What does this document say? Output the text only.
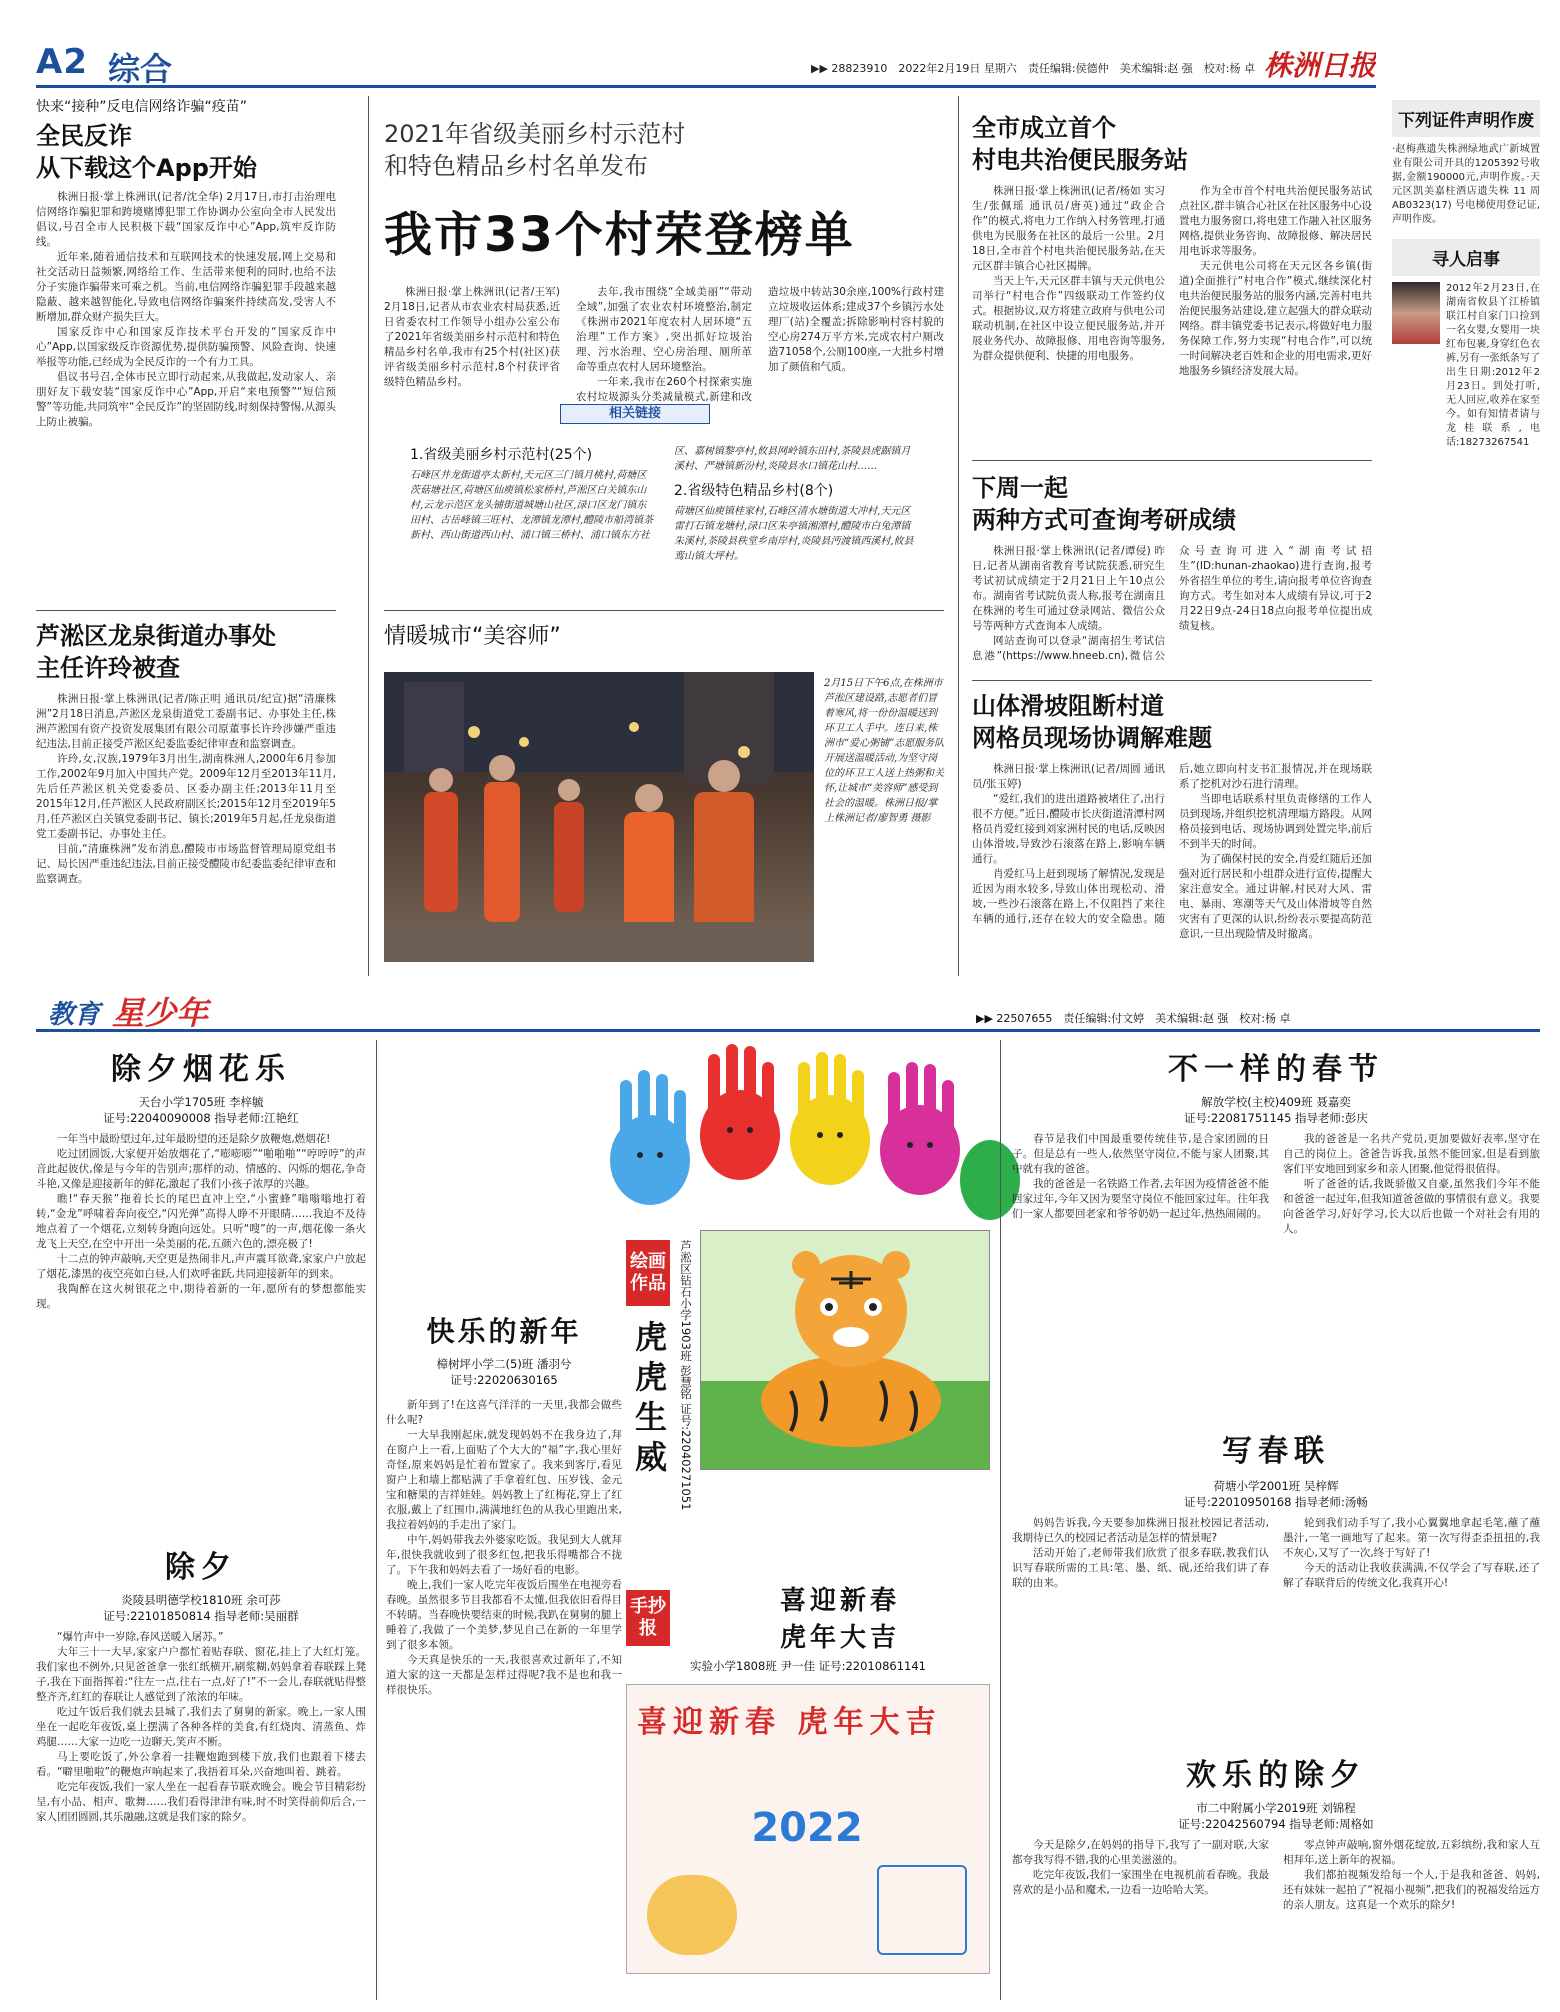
A2 综合	▶▶ 28823910　2022年2月19日 星期六　责任编辑:侯德仲　美术编辑:赵 强　校对:杨 卓 株洲日报
快来“接种”反电信网络诈骗“疫苗”
全民反诈
从下载这个App开始

株洲日报·掌上株洲讯(记者/沈全华) 2月17日,市打击治理电信网络诈骗犯罪和跨境赌博犯罪工作协调办公室向全市人民发出倡议,号召全市人民积极下载“国家反诈中心”App,筑牢反诈防线。

近年来,随着通信技术和互联网技术的快速发展,网上交易和社交活动日益频繁,网络给工作、生活带来便利的同时,也给不法分子实施诈骗带来可乘之机。当前,电信网络诈骗犯罪手段越来越隐蔽、越来越智能化,导致电信网络诈骗案件持续高发,受害人不断增加,群众财产损失巨大。

国家反诈中心和国家反诈技术平台开发的“国家反诈中心”App,以国家级反诈资源优势,提供防骗预警、风险查询、快速举报等功能,已经成为全民反诈的一个有力工具。

倡议书号召,全体市民立即行动起来,从我做起,发动家人、亲朋好友下载安装“国家反诈中心”App,开启“来电预警”“短信预警”等功能,共同筑牢“全民反诈”的坚固防线,时刻保持警惕,从源头上防止被骗。

芦淞区龙泉街道办事处
主任许玲被查

株洲日报·掌上株洲讯(记者/陈正明 通讯员/纪宣)据“清廉株洲”2月18日消息,芦淞区龙泉街道党工委副书记、办事处主任,株洲芦淞国有资产投资发展集团有限公司原董事长许玲涉嫌严重违纪违法,目前正接受芦淞区纪委监委纪律审查和监察调查。

许玲,女,汉族,1979年3月出生,湖南株洲人,2000年6月参加工作,2002年9月加入中国共产党。2009年12月至2013年11月,先后任芦淞区机关党委委员、区委办副主任;2013年11月至2015年12月,任芦淞区人民政府副区长;2015年12月至2019年5月,任芦淞区白关镇党委副书记、镇长;2019年5月起,任龙泉街道党工委副书记、办事处主任。

目前,“清廉株洲”发布消息,醴陵市市场监督管理局原党组书记、局长因严重违纪违法,目前正接受醴陵市纪委监委纪律审查和监察调查。

2021年省级美丽乡村示范村
和特色精品乡村名单发布
我市33个村荣登榜单

株洲日报·掌上株洲讯(记者/王军) 2月18日,记者从市农业农村局获悉,近日省委农村工作领导小组办公室公布了2021年省级美丽乡村示范村和特色精品乡村名单,我市有25个村(社区)获评省级美丽乡村示范村,8个村获评省级特色精品乡村。

去年,我市围绕“全域美丽”“带动全域”,加强了农业农村环境整治,制定《株洲市2021年度农村人居环境“五治理”工作方案》,突出抓好垃圾治理、污水治理、空心房治理、厕所革命等重点农村人居环境整治。

一年来,我市在260个村探索实施农村垃圾源头分类减量模式,新建和改造垃圾中转站30余座,100%行政村建立垃圾收运体系;建成37个乡镇污水处理厂(站)全覆盖;拆除影响村容村貌的空心房274万平方米,完成农村户厕改造71058个,公厕100座,一大批乡村增加了颜值和气质。

相关链接
1.省级美丽乡村示范村(25个)
石峰区井龙街道亭太新村,天元区三门镇月桃村,荷塘区茨菇塘社区,荷塘区仙庾镇松家桥村,芦淞区白关镇东山村,云龙示范区龙头铺街道城塘山社区,渌口区龙门镇东田村、古岳峰镇三旺村、龙潭镇龙潭村,醴陵市船湾镇茶新村、西山街道西山村、浦口镇三桥村、浦口镇东方社区、嘉树镇黎亭村,攸县网岭镇东田村,茶陵县虎踞镇月溪村、严塘镇新汾村,炎陵县水口镇花山村……
2.省级特色精品乡村(8个)
荷塘区仙庾镇桂家村,石峰区清水塘街道大冲村,天元区雷打石镇龙塘村,渌口区朱亭镇湘潭村,醴陵市白兔潭镇朱溪村,茶陵县秩堂乡南岸村,炎陵县沔渡镇西溪村,攸县鸾山镇大坪村。
情暖城市“美容师”
2月15日下午6点,在株洲市芦淞区建设路,志愿者们冒着寒风,将一份份温暖送到环卫工人手中。连日来,株洲市“爱心粥铺”志愿服务队开展送温暖活动,为坚守岗位的环卫工人送上热粥和关怀,让城市“美容师”感受到社会的温暖。株洲日报/掌上株洲记者/廖智勇 摄影
全市成立首个
村电共治便民服务站

株洲日报·掌上株洲讯(记者/杨如 实习生/张佩瑶 通讯员/唐英)通过“政企合作”的模式,将电力工作纳入村务管理,打通供电为民服务在社区的最后一公里。2月18日,全市首个村电共治便民服务站,在天元区群丰镇合心社区揭牌。

当天上午,天元区群丰镇与天元供电公司举行“村电合作”四级联动工作签约仪式。根据协议,双方将建立政府与供电公司联动机制,在社区中设立便民服务站,并开展业务代办、故障报修、用电咨询等服务,为群众提供便利、快捷的用电服务。

作为全市首个村电共治便民服务站试点社区,群丰镇合心社区在社区服务中心设置电力服务窗口,将电建工作融入社区服务网格,提供业务咨询、故障报修、解决居民用电诉求等服务。

天元供电公司将在天元区各乡镇(街道)全面推行“村电合作”模式,继续深化村电共治便民服务站的服务内涵,完善村电共治便民服务站建设,建立起强大的群众联动网络。群丰镇党委书记表示,将做好电力服务保障工作,努力实现“村电合作”,可以统一时间解决老百姓和企业的用电需求,更好地服务乡镇经济发展大局。

下周一起
两种方式可查询考研成绩

株洲日报·掌上株洲讯(记者/谭侵) 昨日,记者从湖南省教育考试院获悉,研究生考试初试成绩定于2月21日上午10点公布。湖南省考试院负责人称,报考在湖南且在株洲的考生可通过登录网站、微信公众号等两种方式查询本人成绩。

网站查询可以登录“湖南招生考试信息港”(https://www.hneeb.cn),微信公众号查询可进入“湖南考试招生”(ID:hunan-zhaokao)进行查询,报考外省招生单位的考生,请向报考单位咨询查询方式。考生如对本人成绩有异议,可于2月22日9点-24日18点向报考单位提出成绩复核。

山体滑坡阻断村道
网格员现场协调解难题

株洲日报·掌上株洲讯(记者/周圆 通讯员/张玉婷)

“爱红,我们的进出道路被堵住了,出行很不方便。”近日,醴陵市长庆街道清潭村网格员肖爱红接到刘家洲村民的电话,反映因山体滑坡,导致沙石滚落在路上,影响车辆通行。

肖爱红马上赶到现场了解情况,发现是近因为雨水较多,导致山体出现松动、滑坡,一些沙石滚落在路上,不仅阻挡了来往车辆的通行,还存在较大的安全隐患。随后,她立即向村支书汇报情况,并在现场联系了挖机对沙石进行清理。

当即电话联系村里负责修缮的工作人员到现场,并组织挖机清理塌方路段。从网格员接到电话、现场协调到处置完毕,前后不到半天的时间。

为了确保村民的安全,肖爱红随后还加强对近行居民和小组群众进行宣传,提醒大家注意安全。通过讲解,村民对大风、雷电、暴雨、寒潮等天气及山体滑坡等自然灾害有了更深的认识,纷纷表示要提高防范意识,一旦出现险情及时撤离。

下列证件声明作废
·赵梅燕遗失株洲绿地武广新城置业有限公司开具的1205392号收据,金额190000元,声明作废。·天元区凯美嘉柱酒店遗失株 11 周 AB0323(17) 号电梯使用登记证,声明作废。
寻人启事
2012年2月23日,在湖南省攸县丫江桥镇联江村自家门口捡到一名女婴,女婴用一块红布包裹,身穿红色衣裤,另有一张纸条写了出生日期:2012年2月23日。到处打听,无人回应,收养在家至今。如有知情者请与龙桂联系,电话:18273267541
教育 星少年	▶▶ 22507655　责任编辑:付文婷　美术编辑:赵 强　校对:杨 卓
除夕烟花乐
天台小学1705班 李梓毓
证号:22040090008 指导老师:江艳红

一年当中最盼望过年,过年最盼望的还是除夕放鞭炮,燃烟花!

吃过团圆饭,大家便开始放烟花了,“嘭嘭嘭”“啪啪啪”“哼哼哼”的声音此起彼伏,像是与今年的告别声;那样的动、情感的、闪烁的烟花,争奇斗艳,又像是迎接新年的鲜花,激起了我们小孩子浓厚的兴趣。

瞧!“春天猴”拖着长长的尾巴直冲上空,“小蜜蜂”嗡嗡嗡地打着转,“金龙”呼啸着奔向夜空,“闪光弹”高得人睁不开眼睛……我迫不及待地点着了一个烟花,立刻转身跑向远处。只听“嗖”的一声,烟花像一条火龙飞上天空,在空中开出一朵美丽的花,五颜六色的,漂亮极了!

十二点的钟声敲响,天空更是热闹非凡,声声震耳欲聋,家家户户放起了烟花,漆黑的夜空亮如白昼,人们欢呼雀跃,共同迎接新年的到来。

我陶醉在这火树银花之中,期待着新的一年,愿所有的梦想都能实现。

除夕
炎陵县明德学校1810班 余可莎
证号:22101850814 指导老师:吴丽群

“爆竹声中一岁除,春风送暖入屠苏。”

大年三十一大早,家家户户都忙着贴春联、窗花,挂上了大红灯笼。我们家也不例外,只见爸爸拿一张红纸横开,刷浆糊,妈妈拿着春联踩上凳子,我在下面指挥着:“往左一点,往右一点,好了!”不一会儿,春联就贴得整整齐齐,红红的春联让人感觉到了浓浓的年味。

吃过午饭后我们就去县城了,我们去了舅舅的新家。晚上,一家人围坐在一起吃年夜饭,桌上摆满了各种各样的美食,有红烧肉、清蒸鱼、炸鸡腿……大家一边吃一边聊天,笑声不断。

马上要吃饭了,外公拿着一挂鞭炮跑到楼下放,我们也跟着下楼去看。“噼里啪啦”的鞭炮声响起来了,我捂着耳朵,兴奋地叫着、跳着。

吃完年夜饭,我们一家人坐在一起看春节联欢晚会。晚会节目精彩纷呈,有小品、相声、歌舞……我们看得津津有味,时不时笑得前仰后合,一家人团团圆圆,其乐融融,这就是我们家的除夕。

快乐的新年
樟树坪小学二(5)班 潘羽兮
证号:22020630165

新年到了!在这喜气洋洋的一天里,我都会做些什么呢?

一大早我刚起床,就发现妈妈不在我身边了,拜在窗户上一看,上面贴了个大大的“福”字,我心里好奇怪,原来妈妈是忙着布置家了。我来到客厅,看见窗户上和墙上都贴满了手拿着红包、压岁钱、金元宝和糖果的吉祥娃娃。妈妈教上了红梅花,穿上了红衣服,戴上了红围巾,满满地红色的从我心里跑出来,我拉着妈妈的手走出了家门。

中午,妈妈带我去外婆家吃饭。我见到大人就拜年,很快我就收到了很多红包,把我乐得嘴都合不拢了。下午我和妈妈去看了一场好看的电影。

晚上,我们一家人吃完年夜饭后围坐在电视旁看春晚。虽然很多节目我都看不太懂,但我依旧看得目不转睛。当春晚快要结束的时候,我趴在舅舅的腿上睡着了,我做了一个美梦,梦见自己在新的一年里学到了很多本领。

今天真是快乐的一天,我很喜欢过新年了,不知道大家的这一天都是怎样过得呢?我不是也和我一样很快乐。

绘画作品
虎虎生威 芦淞区钻石小学1903班 彭慧铭 证号:22040271051
手抄报
喜迎新春
虎年大吉
实验小学1808班 尹一佳 证号:22010861141
喜迎新春 虎年大吉
2022
不一样的春节
解放学校(主校)409班 聂嘉奕
证号:22081751145 指导老师:彭庆

春节是我们中国最重要传统佳节,是合家团圆的日子。但是总有一些人,依然坚守岗位,不能与家人团聚,其中就有我的爸爸。

我的爸爸是一名铁路工作者,去年因为疫情爸爸不能回家过年,今年又因为要坚守岗位不能回家过年。往年我们一家人都要回老家和爷爷奶奶一起过年,热热闹闹的。

我的爸爸是一名共产党员,更加要做好表率,坚守在自己的岗位上。爸爸告诉我,虽然不能回家,但是看到旅客们平安地回到家乡和亲人团聚,他觉得很值得。

听了爸爸的话,我既骄傲又自豪,虽然我们今年不能和爸爸一起过年,但我知道爸爸做的事情很有意义。我要向爸爸学习,好好学习,长大以后也做一个对社会有用的人。

写春联
荷塘小学2001班 吴梓辉
证号:22010950168 指导老师:汤畅

妈妈告诉我,今天要参加株洲日报社校园记者活动,我期待已久的校园记者活动是怎样的情景呢?

活动开始了,老师带我们欣赏了很多春联,教我们认识写春联所需的工具:笔、墨、纸、砚,还给我们讲了春联的由来。

轮到我们动手写了,我小心翼翼地拿起毛笔,蘸了蘸墨汁,一笔一画地写了起来。第一次写得歪歪扭扭的,我不灰心,又写了一次,终于写好了!

今天的活动让我收获满满,不仅学会了写春联,还了解了春联背后的传统文化,我真开心!

欢乐的除夕
市二中附属小学2019班 刘锦程
证号:22042560794 指导老师:周格如

今天是除夕,在妈妈的指导下,我写了一副对联,大家都夸我写得不错,我的心里美滋滋的。

吃完年夜饭,我们一家围坐在电视机前看春晚。我最喜欢的是小品和魔术,一边看一边哈哈大笑。

零点钟声敲响,窗外烟花绽放,五彩缤纷,我和家人互相拜年,送上新年的祝福。

我们都拍视频发给每一个人,于是我和爸爸、妈妈,还有妹妹一起拍了“祝福小视频”,把我们的祝福发给远方的亲人朋友。这真是一个欢乐的除夕!
